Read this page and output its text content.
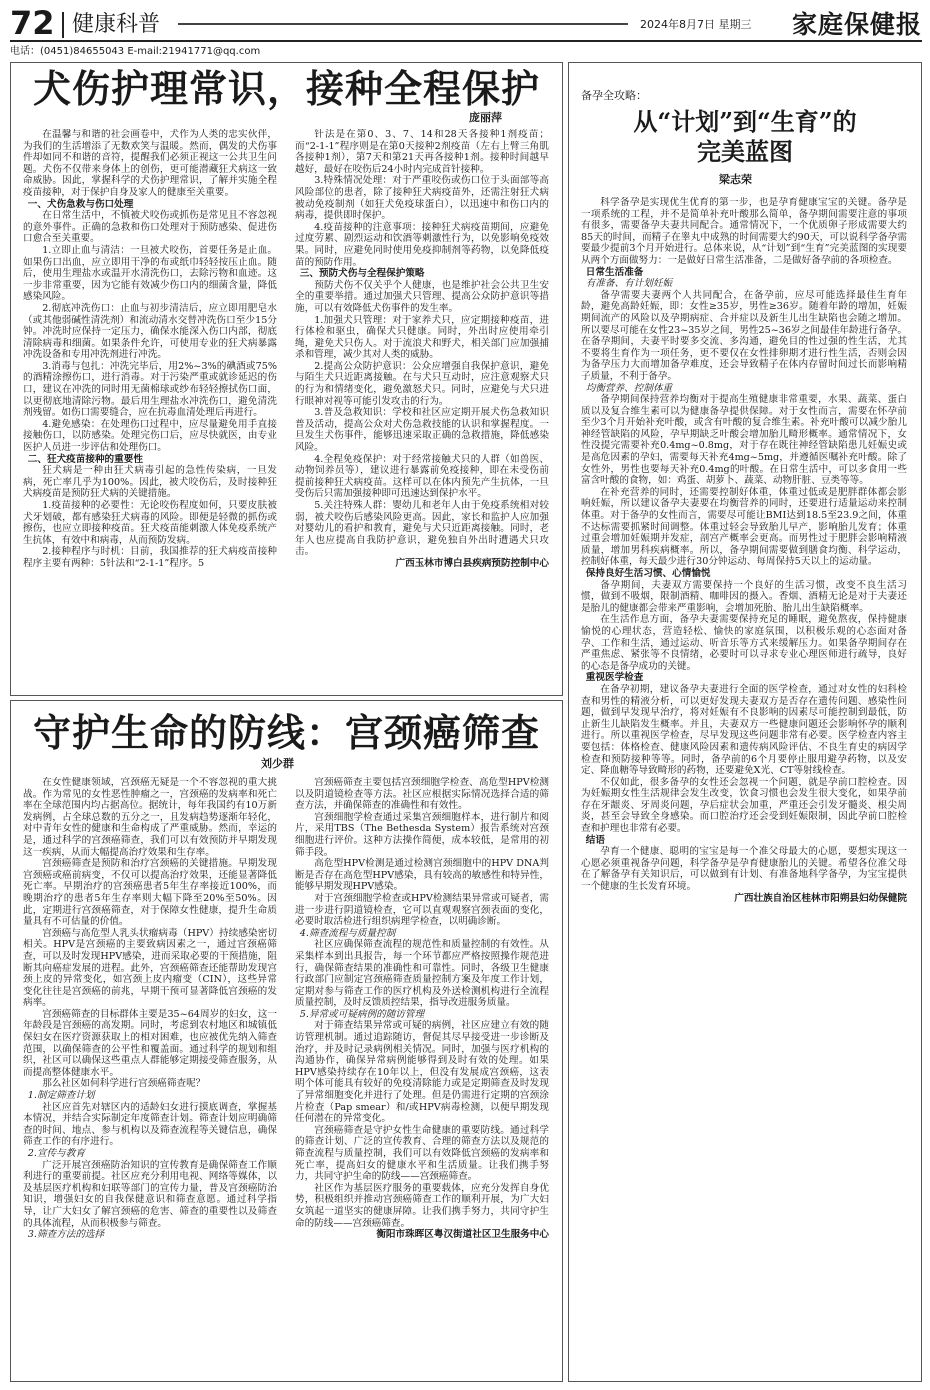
72 健康科普	2024年8月7日 星期三 家庭保健报
电话：(0451)84655043 E-mail:21941771@qq.com
犬伤护理常识，接种全程保护
庞丽萍

在温馨与和谐的社会画卷中，犬作为人类的忠实伙伴，为我们的生活增添了无数欢笑与温暖。然而，偶发的犬伤事件却如同不和谐的音符，提醒我们必须正视这一公共卫生问题。犬伤不仅带来身体上的创伤，更可能潜藏狂犬病这一致命威胁。因此，掌握科学的犬伤护理常识，了解并实施全程疫苗接种，对于保护自身及家人的健康至关重要。

一、犬伤急救与伤口处理

在日常生活中，不慎被犬咬伤或抓伤是常见且不容忽视的意外事件。正确的急救和伤口处理对于预防感染、促进伤口愈合至关重要。

1.立即止血与清洁：一旦被犬咬伤，首要任务是止血。如果伤口出血，应立即用干净的布或纸巾轻轻按压止血。随后，使用生理盐水或温开水清洗伤口，去除污物和血迹。这一步非常重要，因为它能有效减少伤口内的细菌含量，降低感染风险。

2.彻底冲洗伤口：止血与初步清洁后，应立即用肥皂水（或其他弱碱性清洗剂）和流动清水交替冲洗伤口至少15分钟。冲洗时应保持一定压力，确保水能深入伤口内部，彻底清除病毒和细菌。如果条件允许，可使用专业的狂犬病暴露冲洗设备和专用冲洗剂进行冲洗。

3.消毒与包扎：冲洗完毕后，用2%~3%的碘酒或75%的酒精涂擦伤口，进行消毒。对于污染严重或就诊延迟的伤口，建议在冲洗的同时用无菌棉球或纱布轻轻擦拭伤口面，以更彻底地清除污物。最后用生理盐水冲洗伤口，避免清洗剂残留。如伤口需要缝合，应在抗毒血清处理后再进行。

4.避免感染：在处理伤口过程中，应尽量避免用手直接接触伤口，以防感染。处理完伤口后，应尽快就医，由专业医护人员进一步评估和处理伤口。

二、狂犬疫苗接种的重要性

狂犬病是一种由狂犬病毒引起的急性传染病，一旦发病，死亡率几乎为100%。因此，被犬咬伤后，及时接种狂犬病疫苗是预防狂犬病的关键措施。

1.疫苗接种的必要性：无论咬伤程度如何，只要皮肤被犬牙划破，都有感染狂犬病毒的风险。即便是轻微的抓伤或擦伤，也应立即接种疫苗。狂犬疫苗能刺激人体免疫系统产生抗体，有效中和病毒，从而预防发病。

2.接种程序与时机：目前，我国推荐的狂犬病疫苗接种程序主要有两种：5针法和“2-1-1”程序。5

针法是在第0、3、7、14和28天各接种1剂疫苗；而“2-1-1”程序则是在第0天接种2剂疫苗（左右上臂三角肌各接种1剂），第7天和第21天再各接种1剂。接种时间越早越好，最好在咬伤后24小时内完成首针接种。

3.特殊情况处理：对于严重咬伤或伤口位于头面部等高风险部位的患者，除了接种狂犬病疫苗外，还需注射狂犬病被动免疫制剂（如狂犬免疫球蛋白），以迅速中和伤口内的病毒，提供即时保护。

4.疫苗接种的注意事项：接种狂犬病疫苗期间，应避免过度劳累、剧烈运动和饮酒等刺激性行为，以免影响免疫效果。同时，应避免同时使用免疫抑制剂等药物，以免降低疫苗的预防作用。

三、预防犬伤与全程保护策略

预防犬伤不仅关乎个人健康，也是维护社会公共卫生安全的重要举措。通过加强犬只管理、提高公众防护意识等措施，可以有效降低犬伤事件的发生率。

1.加强犬只管理：对于家养犬只，应定期接种疫苗，进行体检和驱虫，确保犬只健康。同时，外出时应使用牵引绳，避免犬只伤人。对于流浪犬和野犬，相关部门应加强捕杀和管理，减少其对人类的威胁。

2.提高公众防护意识：公众应增强自我保护意识，避免与陌生犬只近距离接触。在与犬只互动时，应注意观察犬只的行为和情绪变化，避免激怒犬只。同时，应避免与犬只进行眼神对视等可能引发攻击的行为。

3.普及急救知识：学校和社区应定期开展犬伤急救知识普及活动，提高公众对犬伤急救技能的认识和掌握程度。一旦发生犬伤事件，能够迅速采取正确的急救措施，降低感染风险。

4.全程免疫保护：对于经常接触犬只的人群（如兽医、动物饲养员等），建议进行暴露前免疫接种，即在未受伤前提前接种狂犬病疫苗。这样可以在体内预先产生抗体，一旦受伤后只需加强接种即可迅速达到保护水平。

5.关注特殊人群：婴幼儿和老年人由于免疫系统相对较弱，被犬咬伤后感染风险更高。因此，家长和监护人应加强对婴幼儿的看护和教育，避免与犬只近距离接触。同时，老年人也应提高自我防护意识，避免独自外出时遭遇犬只攻击。

广西玉林市博白县疾病预防控制中心

守护生命的防线：宫颈癌筛查
刘少群

在女性健康领域，宫颈癌无疑是一个不容忽视的重大挑战。作为常见的女性恶性肿瘤之一，宫颈癌的发病率和死亡率在全球范围内均占据高位。据统计，每年我国约有10万新发病例，占全球总数的五分之一，且发病趋势逐渐年轻化，对中青年女性的健康和生命构成了严重威胁。然而，幸运的是，通过科学的宫颈癌筛查，我们可以有效预防并早期发现这一疾病，从而大幅提高治疗效果和生存率。

宫颈癌筛查是预防和治疗宫颈癌的关键措施。早期发现宫颈癌或癌前病变，不仅可以提高治疗效果，还能显著降低死亡率。早期治疗的宫颈癌患者5年生存率接近100%，而晚期治疗的患者5年生存率则大幅下降至20%至50%。因此，定期进行宫颈癌筛查，对于保障女性健康，提升生命质量具有不可估量的价值。

宫颈癌与高危型人乳头状瘤病毒（HPV）持续感染密切相关。HPV是宫颈癌的主要致病因素之一，通过宫颈癌筛查，可以及时发现HPV感染，进而采取必要的干预措施，阻断其向癌症发展的进程。此外，宫颈癌筛查还能帮助发现宫颈上皮的异常变化，如宫颈上皮内瘤变（CIN），这些异常变化往往是宫颈癌的前兆，早期干预可显著降低宫颈癌的发病率。

宫颈癌筛查的目标群体主要是35~64周岁的妇女，这一年龄段是宫颈癌的高发期。同时，考虑到农村地区和城镇低保妇女在医疗资源获取上的相对困难，也应被优先纳入筛查范围，以确保筛查的公平性和覆盖面。通过科学的规划和组织，社区可以确保这些重点人群能够定期接受筛查服务，从而提高整体健康水平。

那么社区如何科学进行宫颈癌筛查呢？

1.制定筛查计划

社区应首先对辖区内的适龄妇女进行摸底调查，掌握基本情况，并结合实际制定年度筛查计划。筛查计划应明确筛查的时间、地点、参与机构以及筛查流程等关键信息，确保筛查工作的有序进行。

2.宣传与教育

广泛开展宫颈癌防治知识的宣传教育是确保筛查工作顺利进行的重要前提。社区应充分利用电视、网络等媒体，以及基层医疗机构和妇联等部门的宣传力量，普及宫颈癌防治知识，增强妇女的自我保健意识和筛查意愿。通过科学指导，让广大妇女了解宫颈癌的危害、筛查的重要性以及筛查的具体流程，从而积极参与筛查。

3.筛查方法的选择

宫颈癌筛查主要包括宫颈细胞学检查、高危型HPV检测以及阴道镜检查等方法。社区应根据实际情况选择合适的筛查方法，并确保筛查的准确性和有效性。

宫颈细胞学检查通过采集宫颈细胞样本，进行制片和阅片，采用TBS（The Bethesda System）报告系统对宫颈细胞进行评价。这种方法操作简便，成本较低，是常用的初筛手段。

高危型HPV检测是通过检测宫颈细胞中的HPV DNA判断是否存在高危型HPV感染，具有较高的敏感性和特异性，能够早期发现HPV感染。

对于宫颈细胞学检查或HPV检测结果异常或可疑者，需进一步进行阴道镜检查，它可以直观观察宫颈表面的变化，必要时取活检进行组织病理学检查，以明确诊断。

4.筛查流程与质量控制

社区应确保筛查流程的规范性和质量控制的有效性。从采集样本到出具报告，每一个环节都应严格按照操作规范进行，确保筛查结果的准确性和可靠性。同时，各级卫生健康行政部门应制定宫颈癌筛查质量控制方案及年度工作计划，定期对参与筛查工作的医疗机构及外送检测机构进行全流程质量控制，及时反馈质控结果，指导改进服务质量。

5.异常或可疑病例的随访管理

对于筛查结果异常或可疑的病例，社区应建立有效的随访管理机制。通过追踪随访，督促其尽早接受进一步诊断及治疗，并及时记录病例相关情况。同时，加强与医疗机构的沟通协作，确保异常病例能够得到及时有效的处理。如果HPV感染持续存在10年以上，但没有发展成宫颈癌，这表明个体可能具有较好的免疫清除能力或是定期筛查及时发现了异常细胞变化并进行了处理。但是仍需进行定期的宫颈涂片检查（Pap smear）和/或HPV病毒检测，以便早期发现任何潜在的异常变化。

宫颈癌筛查是守护女性生命健康的重要防线。通过科学的筛查计划、广泛的宣传教育、合理的筛查方法以及规范的筛查流程与质量控制，我们可以有效降低宫颈癌的发病率和死亡率，提高妇女的健康水平和生活质量。让我们携手努力，共同守护生命的防线——宫颈癌筛查。

社区作为基层医疗服务的重要载体，应充分发挥自身优势，积极组织并推动宫颈癌筛查工作的顺利开展，为广大妇女筑起一道坚实的健康屏障。让我们携手努力，共同守护生命的防线——宫颈癌筛查。

衡阳市珠晖区粤汉街道社区卫生服务中心

备孕全攻略：
从“计划”到“生育”的
完美蓝图
梁志荣

科学备孕是实现优生优育的第一步，也是孕育健康宝宝的关键。备孕是一项系统的工程，并不是简单补充叶酸那么简单，备孕期间需要注意的事项有很多，需要备孕夫妻共同配合。通常情况下，一个优质卵子形成需要大约85天的时间，而精子在睾丸中成熟的时间需要大约90天，可以说科学备孕需要最少提前3个月开始进行。总体来说，从“计划”到“生育”完美蓝图的实现要从两个方面做努力：一是做好日常生活准备，二是做好备孕前的各项检查。

日常生活准备

有准备、有计划妊娠

备孕需要夫妻两个人共同配合，在备孕前，应尽可能选择最佳生育年龄，避免高龄妊娠，即：女性≥35岁，男性≥36岁。随着年龄的增加，妊娠期间流产的风险以及孕期病症、合并症以及新生儿出生缺陷也会随之增加。所以要尽可能在女性23~35岁之间，男性25~36岁之间最佳年龄进行备孕。在备孕期间，夫妻平时要多交流、多沟通，避免目的性过强的性生活，尤其不要将生育作为一项任务，更不要仅在女性排卵期才进行性生活，否则会因为备孕压力大而增加备孕难度，还会导致精子在体内存留时间过长而影响精子质量，不利于备孕。

均衡营养、控制体重

备孕期间保持营养均衡对于提高生殖健康非常重要，水果、蔬菜、蛋白质以及复合维生素可以为健康备孕提供保障。对于女性而言，需要在怀孕前至少3个月开始补充叶酸，或含有叶酸的复合维生素。补充叶酸可以减少胎儿神经管缺陷的风险，孕早期缺乏叶酸会增加胎儿畸形概率。通常情况下，女性没提完需要补充0.4mg~0.8mg，对于存在既往神经管缺陷患儿妊娠史或是高危因素的孕妇，需要每天补充4mg~5mg，并遵循医嘱补充叶酸。除了女性外，男性也要每天补充0.4mg的叶酸。在日常生活中，可以多食用一些富含叶酸的食物，如：鸡蛋、胡萝卜、蔬菜、动物肝脏、豆类等等。

在补充营养的同时，还需要控制好体重，体重过低或是肥胖群体都会影响妊娠，所以建议备孕夫妻要在均衡营养的同时，还要进行适量运动来控制体重。对于备孕的女性而言，需要尽可能让BMI达到18.5至23.9之间，体重不达标需要抓紧时间调整。体重过轻会导致胎儿早产，影响胎儿发育；体重过重会增加妊娠期并发症，剖宫产概率会更高。而男性过于肥胖会影响精液质量，增加男科疾病概率。所以，备孕期间需要做到膳食均衡、科学运动，控制好体重，每天最少进行30分钟运动、每周保持5天以上的运动量。

保持良好生活习惯、心情愉悦

备孕期间，夫妻双方需要保持一个良好的生活习惯，改变不良生活习惯，做到不吸烟，限制酒精、咖啡因的摄入。香烟、酒精无论是对于夫妻还是胎儿的健康都会带来严重影响，会增加死胎、胎儿出生缺陷概率。

在生活作息方面，备孕夫妻需要保持充足的睡眠，避免熬夜，保持健康愉悦的心理状态，营造轻松、愉快的家庭氛围，以积极乐观的心态面对备孕、工作和生活，通过运动、听音乐等方式来缓解压力。如果备孕期间存在严重焦虑、紧张等不良情绪，必要时可以寻求专业心理医师进行疏导，良好的心态是备孕成功的关键。

重视医学检查

在备孕初期，建议备孕夫妻进行全面的医学检查，通过对女性的妇科检查和男性的精液分析，可以更好发现夫妻双方是否存在遗传问题、感染性问题，做到早发现早治疗，将对妊娠有不良影响的因素尽可能控制到最低，防止新生儿缺陷发生概率。并且，夫妻双方一些健康问题还会影响怀孕的顺利进行。所以重视医学检查，尽早发现这些问题非常有必要。医学检查内容主要包括：体格检查、健康风险因素和遗传病风险评估、不良生育史的病因学检查和预防接种等等。同时，备孕前的6个月要停止服用避孕药物，以及安定、降血糖等导致畸形的药物，还要避免X光、CT等射线检查。

不仅如此，很多备孕的女性还会忽视一个问题，就是孕前口腔检查。因为妊娠期女性生活规律会发生改变，饮食习惯也会发生很大变化，如果孕前存在牙龈炎、牙周炎问题，孕后症状会加重，严重还会引发牙髓炎、根尖周炎，甚至会导致全身感染。而口腔治疗还会受到妊娠限制，因此孕前口腔检查和护理也非常有必要。

结语

孕育一个健康、聪明的宝宝是每一个准父母最大的心愿，要想实现这一心愿必须重视备孕问题，科学备孕是孕育健康胎儿的关键。希望各位准父母在了解备孕有关知识后，可以做到有计划、有准备地科学备孕，为宝宝提供一个健康的生长发育环境。

广西壮族自治区桂林市阳朔县妇幼保健院
